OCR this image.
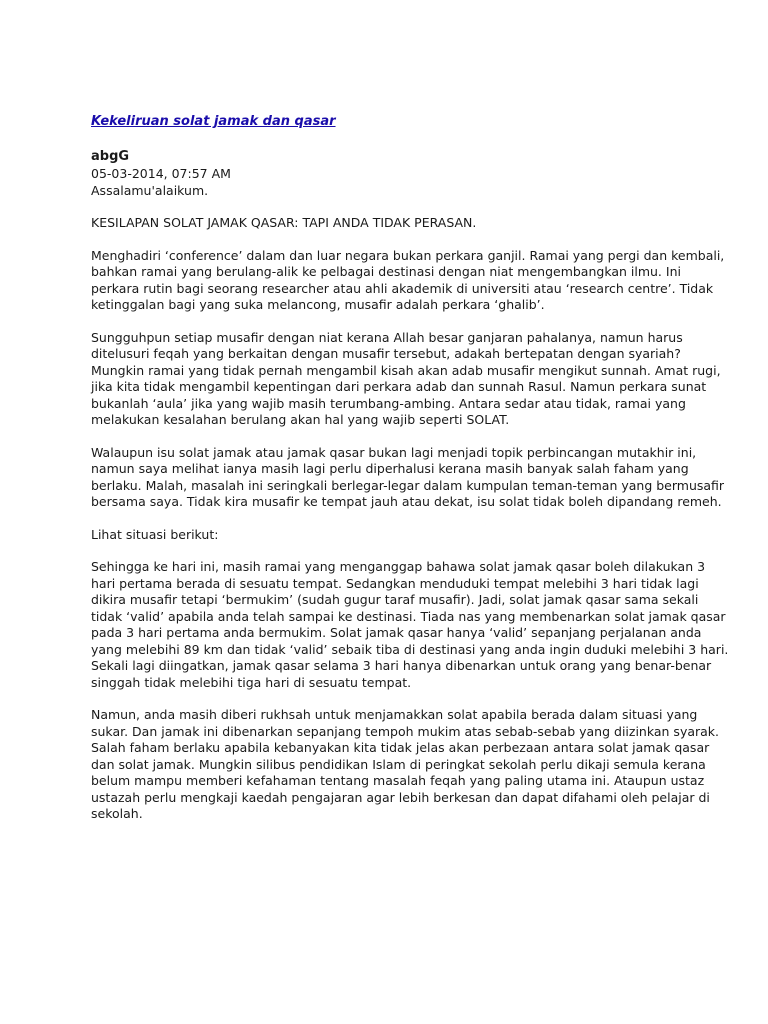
Kekeliruan solat jamak dan qasar
abgG
05-03-2014, 07:57 AM
Assalamu'alaikum.

KESILAPAN SOLAT JAMAK QASAR: TAPI ANDA TIDAK PERASAN.

Menghadiri ‘conference’ dalam dan luar negara bukan perkara ganjil. Ramai yang pergi dan kembali, bahkan ramai yang berulang-alik ke pelbagai destinasi dengan niat mengembangkan ilmu. Ini perkara rutin bagi seorang researcher atau ahli akademik di universiti atau ‘research centre’. Tidak ketinggalan bagi yang suka melancong, musafir adalah perkara ‘ghalib’.

Sungguhpun setiap musafir dengan niat kerana Allah besar ganjaran pahalanya, namun harus ditelusuri feqah yang berkaitan dengan musafir tersebut, adakah bertepatan dengan syariah? Mungkin ramai yang tidak pernah mengambil kisah akan adab musafir mengikut sunnah. Amat rugi, jika kita tidak mengambil kepentingan dari perkara adab dan sunnah Rasul. Namun perkara sunat bukanlah ‘aula’ jika yang wajib masih terumbang-ambing. Antara sedar atau tidak, ramai yang melakukan kesalahan berulang akan hal yang wajib seperti SOLAT.

Walaupun isu solat jamak atau jamak qasar bukan lagi menjadi topik perbincangan mutakhir ini, namun saya melihat ianya masih lagi perlu diperhalusi kerana masih banyak salah faham yang berlaku. Malah, masalah ini seringkali berlegar-legar dalam kumpulan teman-teman yang bermusafir bersama saya. Tidak kira musafir ke tempat jauh atau dekat, isu solat tidak boleh dipandang remeh.

Lihat situasi berikut:

Sehingga ke hari ini, masih ramai yang menganggap bahawa solat jamak qasar boleh dilakukan 3 hari pertama berada di sesuatu tempat. Sedangkan menduduki tempat melebihi 3 hari tidak lagi dikira musafir tetapi ‘bermukim’ (sudah gugur taraf musafir). Jadi, solat jamak qasar sama sekali tidak ‘valid’ apabila anda telah sampai ke destinasi. Tiada nas yang membenarkan solat jamak qasar pada 3 hari pertama anda bermukim. Solat jamak qasar hanya ‘valid’ sepanjang perjalanan anda yang melebihi 89 km dan tidak ‘valid’ sebaik tiba di destinasi yang anda ingin duduki melebihi 3 hari. Sekali lagi diingatkan, jamak qasar selama 3 hari hanya dibenarkan untuk orang yang benar-benar singgah tidak melebihi tiga hari di sesuatu tempat.

Namun, anda masih diberi rukhsah untuk menjamakkan solat apabila berada dalam situasi yang sukar. Dan jamak ini dibenarkan sepanjang tempoh mukim atas sebab-sebab yang diizinkan syarak. Salah faham berlaku apabila kebanyakan kita tidak jelas akan perbezaan antara solat jamak qasar dan solat jamak. Mungkin silibus pendidikan Islam di peringkat sekolah perlu dikaji semula kerana belum mampu memberi kefahaman tentang masalah feqah yang paling utama ini. Ataupun ustaz ustazah perlu mengkaji kaedah pengajaran agar lebih berkesan dan dapat difahami oleh pelajar di sekolah.
